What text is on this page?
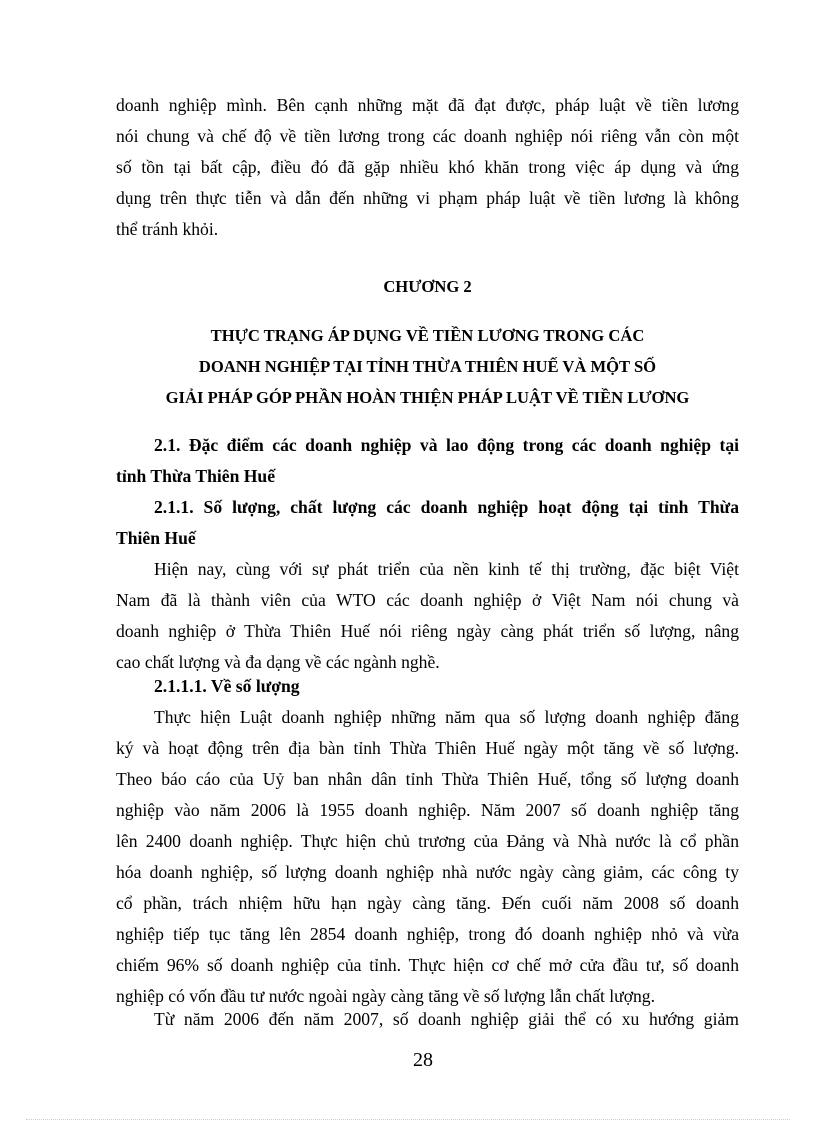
doanh nghiệp mình. Bên cạnh những mặt đã đạt được, pháp luật về tiền lương
nói chung và chế độ về tiền lương trong các doanh nghiệp nói riêng vẫn còn một
số tồn tại bất cập, điều đó đã gặp nhiều khó khăn trong việc áp dụng và ứng
dụng trên thực tiễn và dẫn đến những vi phạm pháp luật về tiền lương là không
thể tránh khỏi.
CHƯƠNG 2
THỰC TRẠNG ÁP DỤNG VỀ TIỀN LƯƠNG TRONG CÁC
DOANH NGHIỆP TẠI TỈNH THỪA THIÊN HUẾ VÀ MỘT SỐ
GIẢI PHÁP GÓP PHẦN HOÀN THIỆN PHÁP LUẬT VỀ TIỀN LƯƠNG
2.1. Đặc điểm các doanh nghiệp và lao động trong các doanh nghiệp tại
tỉnh Thừa Thiên Huế
2.1.1. Số lượng, chất lượng các doanh nghiệp hoạt động tại tỉnh Thừa
Thiên Huế
Hiện nay, cùng với sự phát triển của nền kinh tế thị trường, đặc biệt Việt
Nam đã là thành viên của WTO các doanh nghiệp ở Việt Nam nói chung và
doanh nghiệp ở Thừa Thiên Huế nói riêng ngày càng phát triển số lượng, nâng
cao chất lượng và đa dạng về các ngành nghề.
2.1.1.1. Về số lượng
Thực hiện Luật doanh nghiệp những năm qua số lượng doanh nghiệp đăng
ký và hoạt động trên địa bàn tỉnh Thừa Thiên Huế ngày một tăng về số lượng.
Theo báo cáo của Uỷ ban nhân dân tỉnh Thừa Thiên Huế, tổng số lượng doanh
nghiệp vào năm 2006 là 1955 doanh nghiệp. Năm 2007 số doanh nghiệp tăng
lên 2400 doanh nghiệp. Thực hiện chủ trương của Đảng và Nhà nước là cổ phần
hóa doanh nghiệp, số lượng doanh nghiệp nhà nước ngày càng giảm, các công ty
cổ phần, trách nhiệm hữu hạn ngày càng tăng. Đến cuối năm 2008 số doanh
nghiệp tiếp tục tăng lên 2854 doanh nghiệp, trong đó doanh nghiệp nhỏ và vừa
chiếm 96% số doanh nghiệp của tỉnh. Thực hiện cơ chế mở cửa đầu tư, số doanh
nghiệp có vốn đầu tư nước ngoài ngày càng tăng về số lượng lẫn chất lượng.
Từ năm 2006 đến năm 2007, số doanh nghiệp giải thể có xu hướng giảm
28
